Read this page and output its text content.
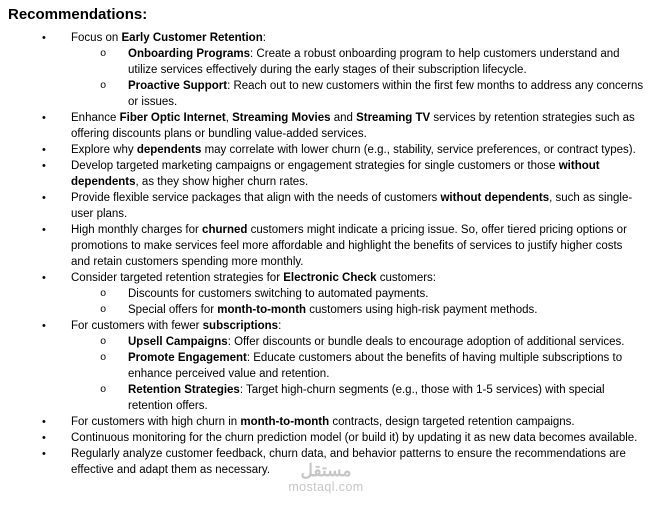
مستقل
mostaql.com
Recommendations:
•	Focus on Early Customer Retention:
o	Onboarding Programs: Create a robust onboarding program to help customers understand and utilize services effectively during the early stages of their subscription lifecycle.
o	Proactive Support: Reach out to new customers within the first few months to address any concerns or issues.
•	Enhance Fiber Optic Internet, Streaming Movies and Streaming TV services by retention strategies such as offering discounts plans or bundling value-added services.
•	Explore why dependents may correlate with lower churn (e.g., stability, service preferences, or contract types).
•	Develop targeted marketing campaigns or engagement strategies for single customers or those without dependents, as they show higher churn rates.
•	Provide flexible service packages that align with the needs of customers without dependents, such as single-user plans.
•	High monthly charges for churned customers might indicate a pricing issue. So, offer tiered pricing options or promotions to make services feel more affordable and highlight the benefits of services to justify higher costs and retain customers spending more monthly.
•	Consider targeted retention strategies for Electronic Check customers:
o	Discounts for customers switching to automated payments.
o	Special offers for month-to-month customers using high-risk payment methods.
•	For customers with fewer subscriptions:
o	Upsell Campaigns: Offer discounts or bundle deals to encourage adoption of additional services.
o	Promote Engagement: Educate customers about the benefits of having multiple subscriptions to enhance perceived value and retention.
o	Retention Strategies: Target high-churn segments (e.g., those with 1-5 services) with special retention offers.
•	For customers with high churn in month-to-month contracts, design targeted retention campaigns.
•	Continuous monitoring for the churn prediction model (or build it) by updating it as new data becomes available.
•	Regularly analyze customer feedback, churn data, and behavior patterns to ensure the recommendations are effective and adapt them as necessary.
